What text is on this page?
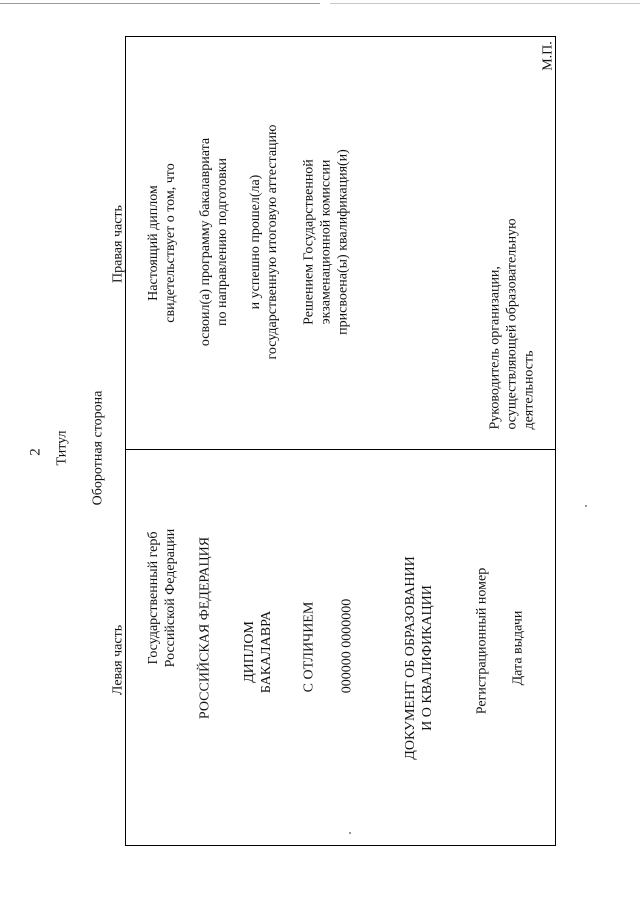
2 Титул Оборотная сторона
Левая часть Государственный герб Российской Федерации РОССИЙСКАЯ ФЕДЕРАЦИЯ ДИПЛОМ БАКАЛАВРА С ОТЛИЧИЕМ 000000 0000000	ДОКУМЕНТ ОБ ОБРАЗОВАНИИ И О КВАЛИФИКАЦИИ	Регистрационный номер Дата выдачи
Правая часть Настоящий диплом свидетельствует о том, что освоил(а) программу бакалавриата по направлению подготовки и успешно прошел(ла) государственную итоговую аттестацию Решением Государственной экзаменационной комиссии присвоена(ы) квалификация(и)
Руководитель организации, осуществляющей образовательную деятельность
М.П.
